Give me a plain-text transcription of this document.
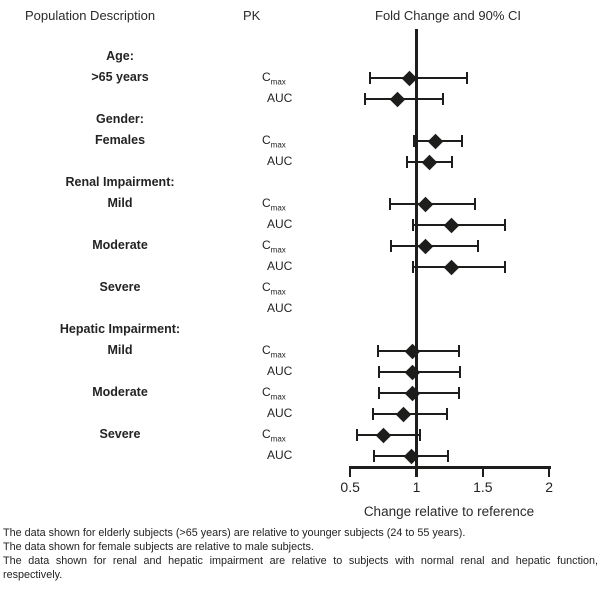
Population Description	PK	Fold Change and 90% CI
0.5	1	1.5	2
Age:
>65 years	$C_{max}$
AUC
Gender:
Females	$C_{max}$
AUC
Renal Impairment:
Mild	$C_{max}$
AUC
Moderate	$C_{max}$
AUC
Severe	$C_{max}$
AUC
Hepatic Impairment:
Mild	$C_{max}$
AUC
Moderate	$C_{max}$
AUC
Severe	$C_{max}$
AUC
Change relative to reference

The data shown for elderly subjects (>65 years) are relative to younger subjects (24 to 55 years).

The data shown for female subjects are relative to male subjects.

The data shown for renal and hepatic impairment are relative to subjects with normal renal and hepatic function, respectively.
